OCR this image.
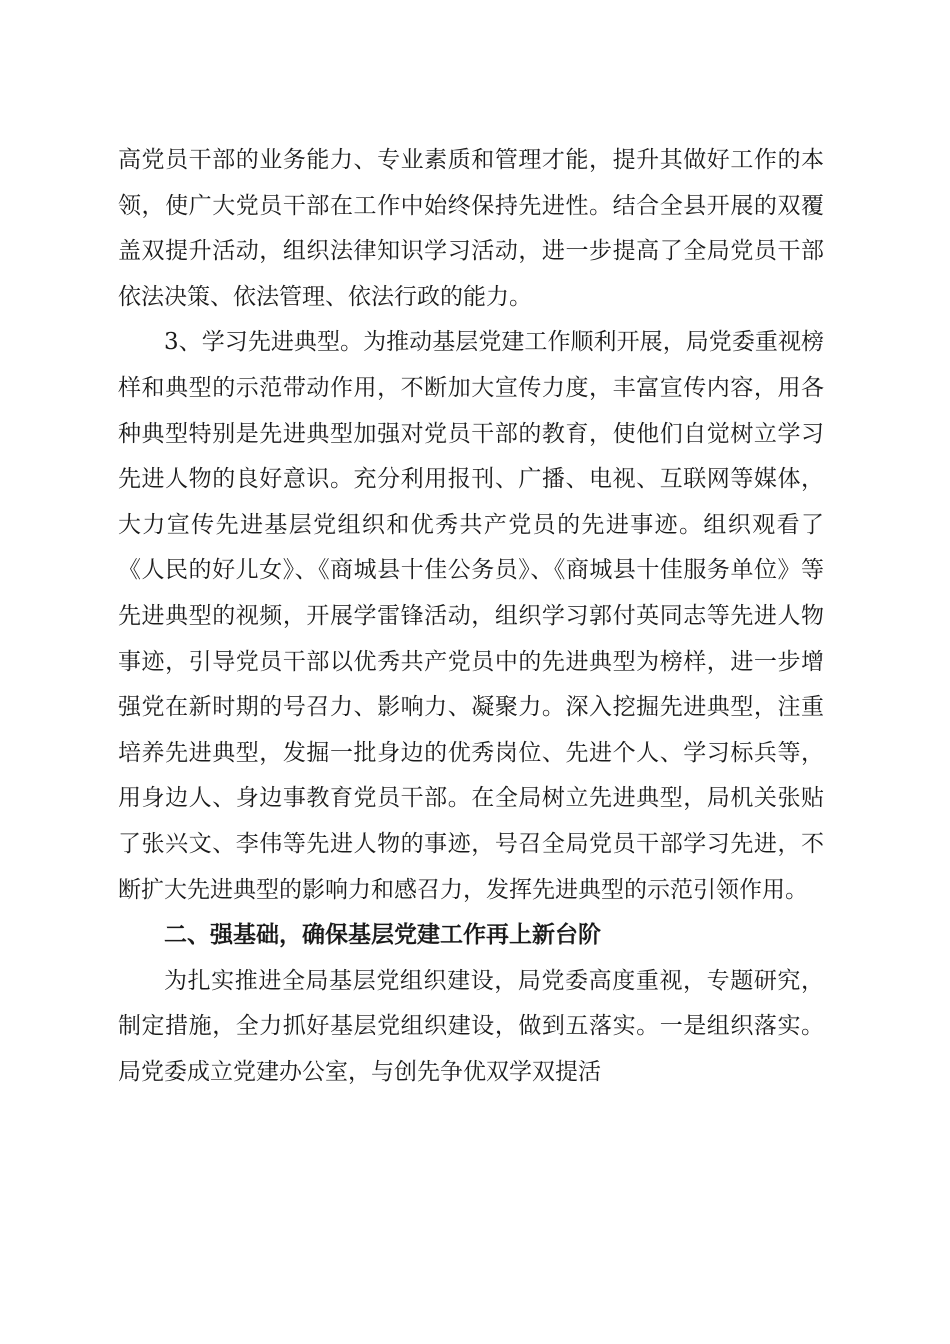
高党员干部的业务能力、专业素质和管理才能，提升其做好工作的本领，使广大党员干部在工作中始终保持先进性。结合全县开展的双覆盖双提升活动，组织法律知识学习活动，进一步提高了全局党员干部依法决策、依法管理、依法行政的能力。

3、学习先进典型。为推动基层党建工作顺利开展，局党委重视榜样和典型的示范带动作用，不断加大宣传力度，丰富宣传内容，用各种典型特别是先进典型加强对党员干部的教育，使他们自觉树立学习先进人物的良好意识。充分利用报刊、广播、电视、互联网等媒体，大力宣传先进基层党组织和优秀共产党员的先进事迹。组织观看了《人民的好儿女》、《商城县十佳公务员》、《商城县十佳服务单位》等先进典型的视频，开展学雷锋活动，组织学习郭付英同志等先进人物事迹，引导党员干部以优秀共产党员中的先进典型为榜样，进一步增强党在新时期的号召力、影响力、凝聚力。深入挖掘先进典型，注重培养先进典型，发掘一批身边的优秀岗位、先进个人、学习标兵等，用身边人、身边事教育党员干部。在全局树立先进典型，局机关张贴了张兴文、李伟等先进人物的事迹，号召全局党员干部学习先进，不断扩大先进典型的影响力和感召力，发挥先进典型的示范引领作用。

二、强基础，确保基层党建工作再上新台阶

为扎实推进全局基层党组织建设，局党委高度重视，专题研究，制定措施，全力抓好基层党组织建设，做到五落实。一是组织落实。局党委成立党建办公室，与创先争优双学双提活
